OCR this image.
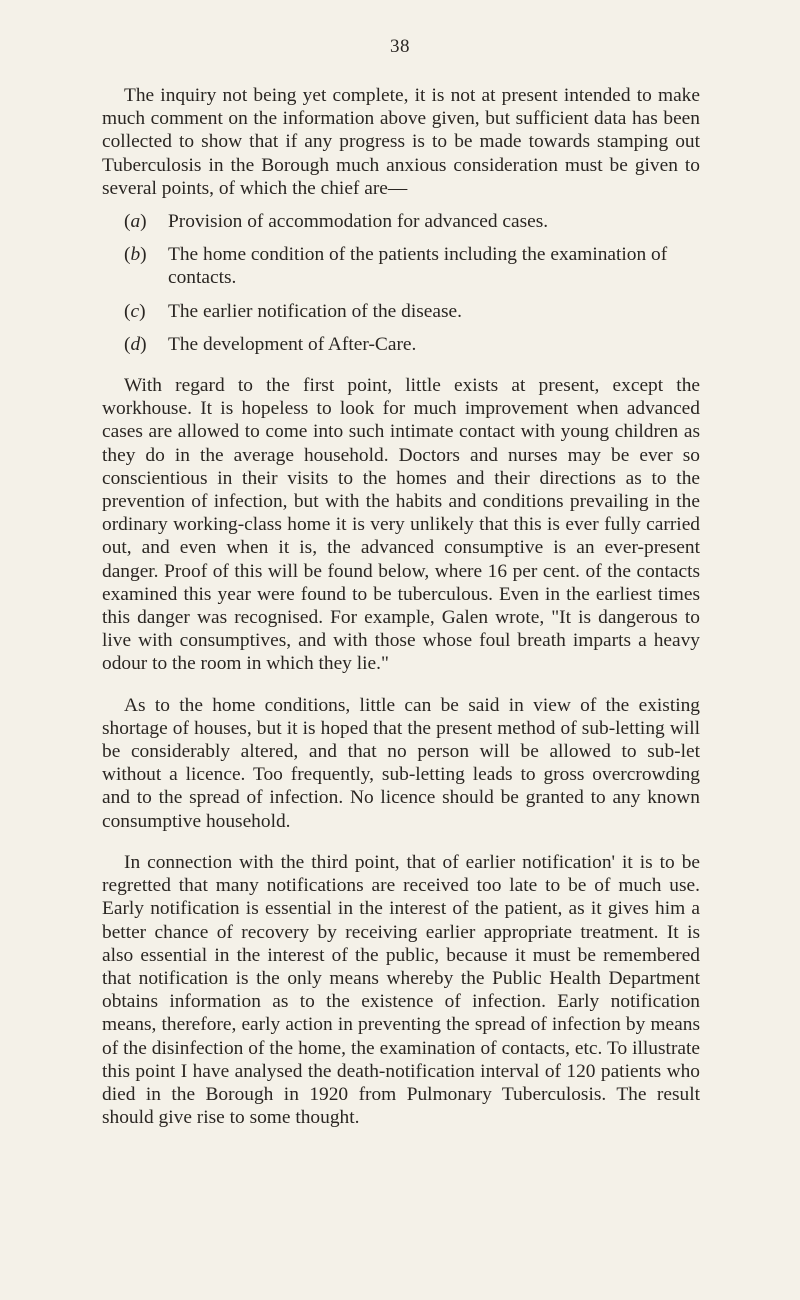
38

The inquiry not being yet complete, it is not at present intended to make much comment on the information above given, but sufficient data has been collected to show that if any progress is to be made towards stamping out Tuberculosis in the Borough much anxious consideration must be given to several points, of which the chief are—

(a)	Provision of accommodation for advanced cases.
(b)	The home condition of the patients including the examination of contacts.
(c)	The earlier notification of the disease.
(d)	The development of After-Care.

With regard to the first point, little exists at present, except the workhouse. It is hopeless to look for much improvement when advanced cases are allowed to come into such intimate contact with young children as they do in the average household. Doctors and nurses may be ever so conscientious in their visits to the homes and their directions as to the prevention of infection, but with the habits and conditions prevailing in the ordinary working-class home it is very unlikely that this is ever fully carried out, and even when it is, the advanced consumptive is an ever-present danger. Proof of this will be found below, where 16 per cent. of the contacts examined this year were found to be tuberculous. Even in the earliest times this danger was recognised. For example, Galen wrote, "It is dangerous to live with consumptives, and with those whose foul breath imparts a heavy odour to the room in which they lie."

As to the home conditions, little can be said in view of the existing shortage of houses, but it is hoped that the present method of sub-letting will be considerably altered, and that no person will be allowed to sub-let without a licence. Too frequently, sub-letting leads to gross overcrowding and to the spread of infection. No licence should be granted to any known consumptive household.

In connection with the third point, that of earlier notification' it is to be regretted that many notifications are received too late to be of much use. Early notification is essential in the interest of the patient, as it gives him a better chance of recovery by receiving earlier appropriate treatment. It is also essential in the interest of the public, because it must be remembered that notification is the only means whereby the Public Health Department obtains information as to the existence of infection. Early notification means, therefore, early action in preventing the spread of infection by means of the disinfection of the home, the examination of contacts, etc. To illustrate this point I have analysed the death-notification interval of 120 patients who died in the Borough in 1920 from Pulmonary Tuberculosis. The result should give rise to some thought.
